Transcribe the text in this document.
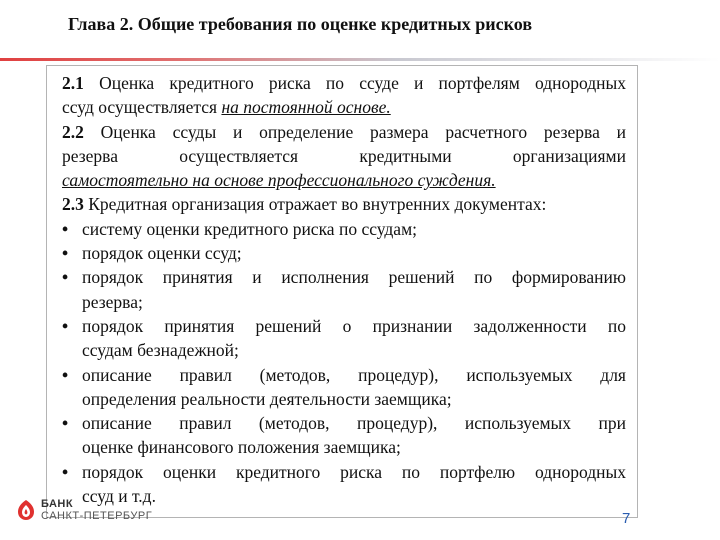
Глава 2. Общие требования по оценке кредитных рисков
2.1 Оценка кредитного риска по ссуде и портфелям однородных
ссуд осуществляется на постоянной основе.
2.2 Оценка ссуды и определение размера расчетного резерва и
резерва осуществляется кредитными организациями
самостоятельно на основе профессионального суждения.
2.3 Кредитная организация отражает во внутренних документах:
• систему оценки кредитного риска по ссудам;
• порядок оценки ссуд;
• порядок принятия и исполнения решений по формированию
резерва;
• порядок принятия решений о признании задолженности по
ссудам безнадежной;
• описание правил (методов, процедур), используемых для
определения реальности деятельности заемщика;
• описание правил (методов, процедур), используемых при
оценке финансового положения заемщика;
• порядок оценки кредитного риска по портфелю однородных
ссуд и т.д.
БАНК
САНКТ-ПЕТЕРБУРГ	7
